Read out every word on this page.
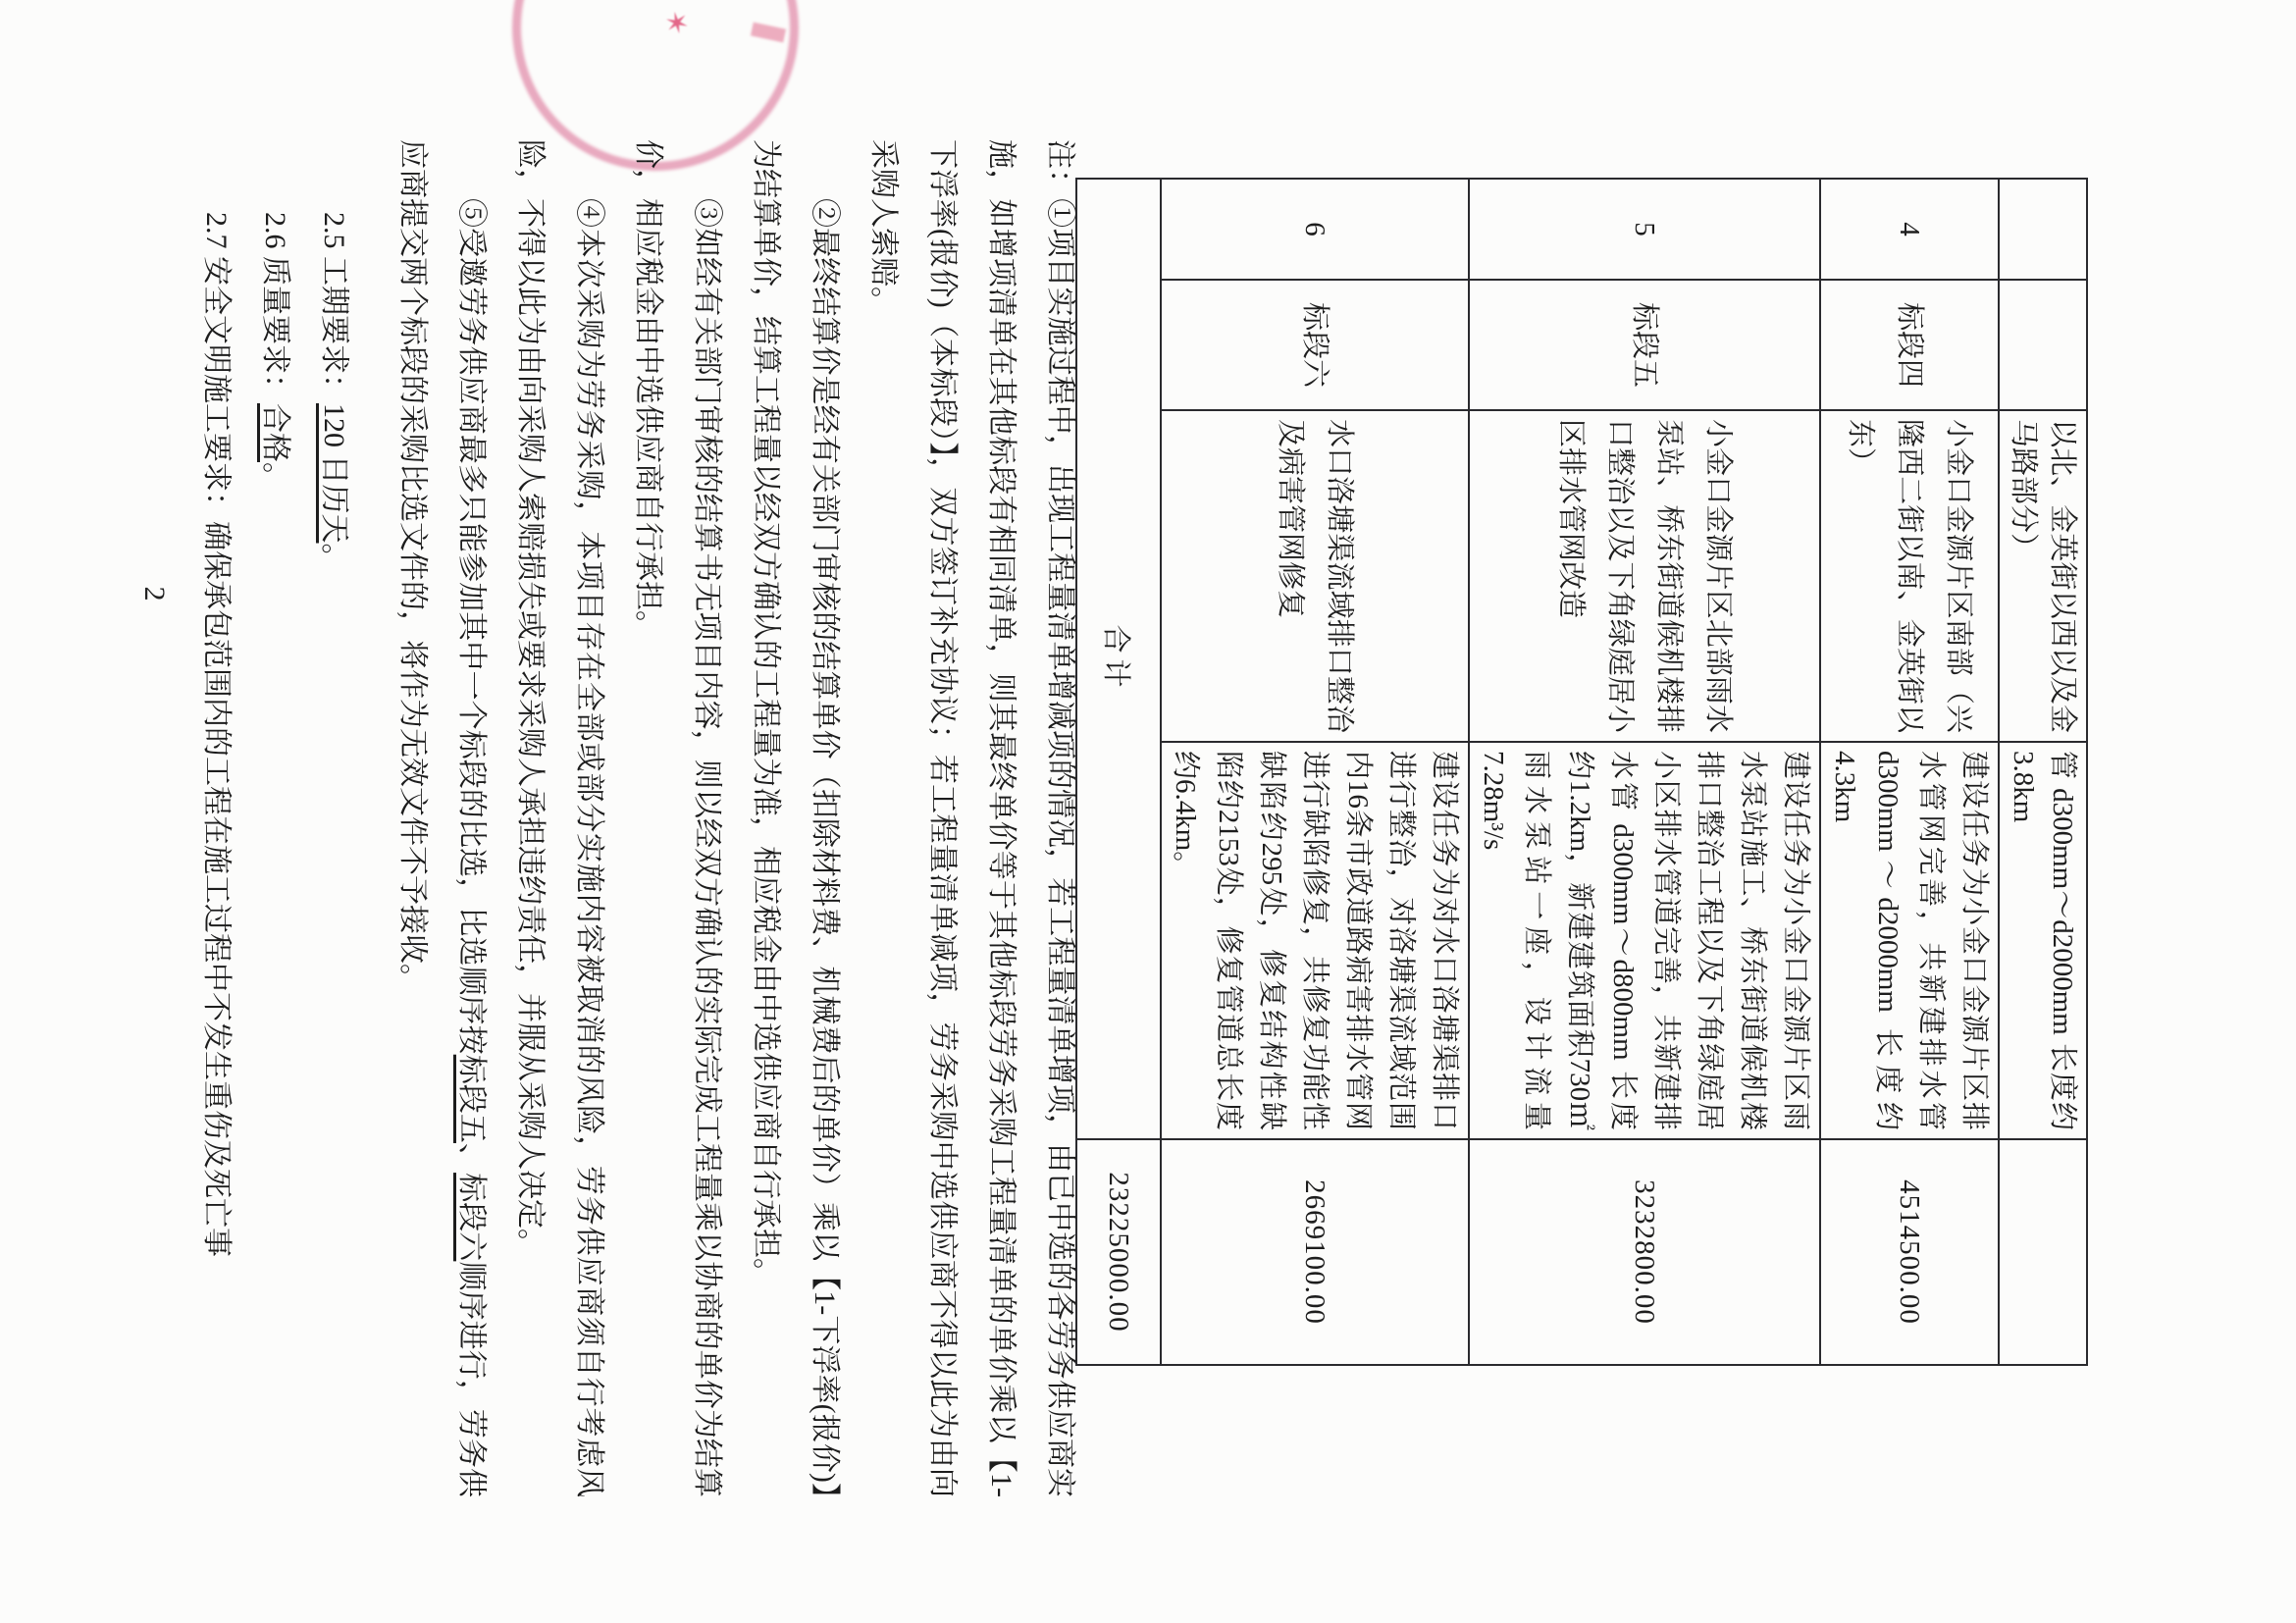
✶
		以北、金英街以西以及金马路部分）	管 d300mm～d2000mm 长度约3.8km	
4	标段四	小金口金源片区南部（兴隆西二街以南、金英街以东）	建设任务为小金口金源片区排水管网完善，共新建排水管 d300mm～d2000mm 长度约4.3km	4514500.00
5	标段五	小金口金源片区北部雨水泵站、桥东街道候机楼排口整治以及下角绿庭居小区排水管网改造	建设任务为小金口金源片区雨水泵站施工、桥东街道候机楼排口整治工程以及下角绿庭居小区排水管道完善，共新建排水管 d300mm～d800mm 长度约1.2km，新建建筑面积730㎡雨水泵站一座，设计流量7.28m³/s	3232800.00
6	标段六	水口洛塘渠流域排口整治及病害管网修复	建设任务为对水口洛塘渠排口进行整治，对洛塘渠流域范围内16条市政道路病害排水管网进行缺陷修复，共修复功能性缺陷约295处，修复结构性缺陷约2153处，修复管道总长度约6.4km。	2669100.00
合计				23225000.00

注：①项目实施过程中，出现工程量清单增减项的情况，若工程量清单增项，由已中选的各劳务供应商实施，如增项清单在其他标段有相同清单，则其最终单价等于其他标段劳务采购工程量清单的单价乘以【1-下浮率(报价)（本标段）】，双方签订补充协议；若工程量清单减项，劳务采购中选供应商不得以此为由向采购人索赔。

②最终结算价是经有关部门审核的结算单价（扣除材料费、机械费后的单价）乘以【1-下浮率(报价)】为结算单价，结算工程量以经双方确认的工程量为准，相应税金由中选供应商自行承担。

③如经有关部门审核的结算书无项目内容，则以经双方确认的实际完成工程量乘以协商的单价为结算价，相应税金由中选供应商自行承担。

④本次采购为劳务采购，本项目存在全部或部分实施内容被取消的风险，劳务供应商须自行考虑风险，不得以此为由向采购人索赔损失或要求采购人承担违约责任，并服从采购人决定。

⑤受邀劳务供应商最多只能参加其中一个标段的比选，比选顺序按标段五、标段六顺序进行，劳务供应商提交两个标段的采购比选文件的，将作为无效文件不予接收。

2.5 工期要求：120 日历天。

2.6 质量要求：合格。

2.7 安全文明施工要求：确保承包范围内的工程在施工过程中不发生重伤及死亡事

2
